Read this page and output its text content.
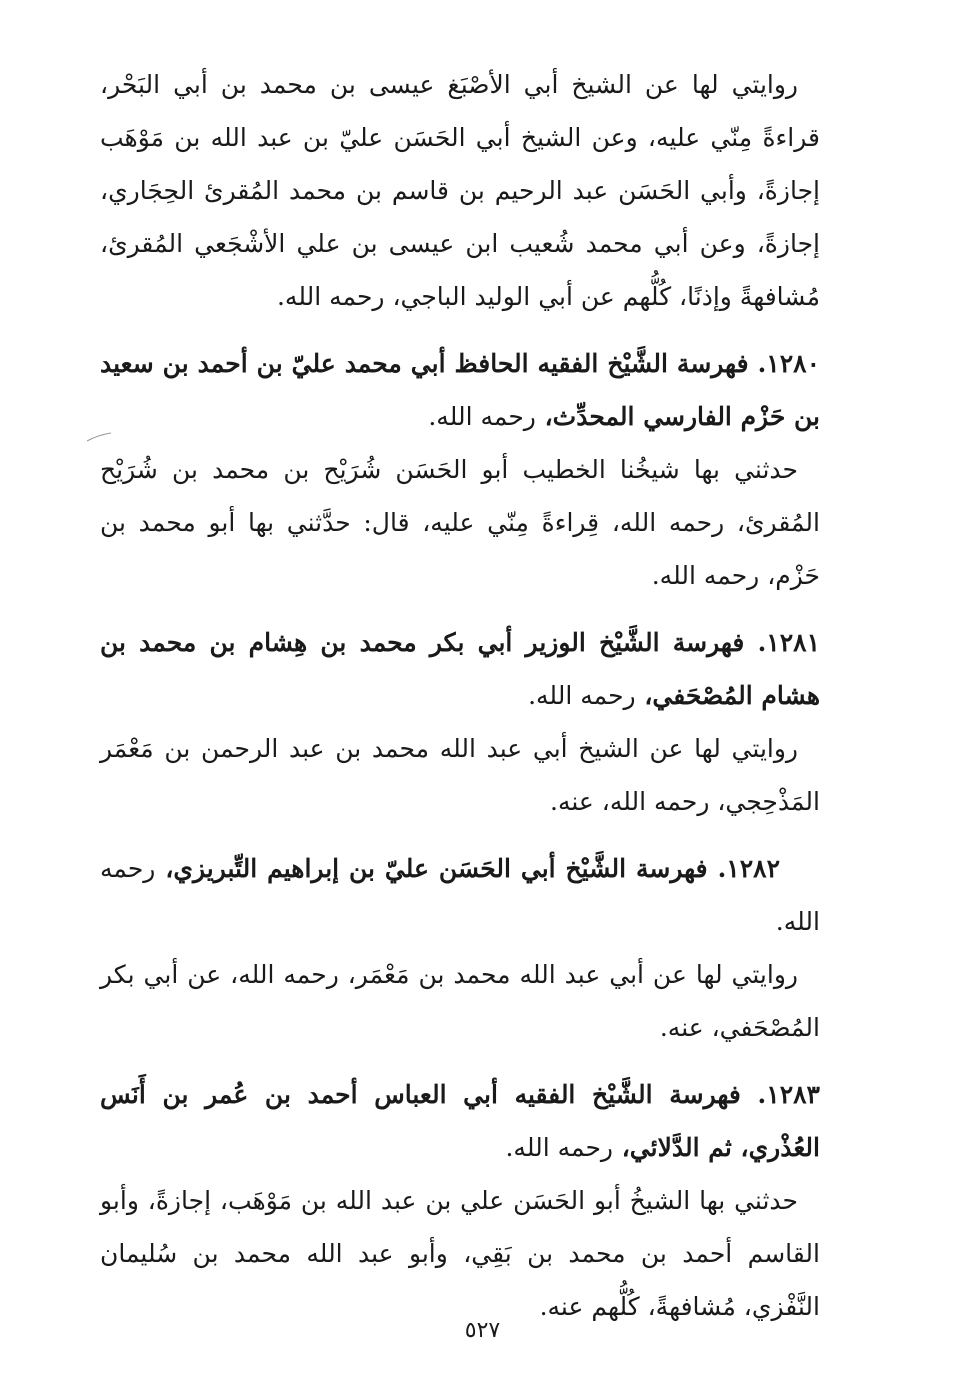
روايتي لها عن الشيخ أبي الأصْبَغ عيسى بن محمد بن أبي البَحْر، قراءةً مِنّي عليه، وعن الشيخ أبي الحَسَن عليّ بن عبد الله بن مَوْهَب إجازةً، وأبي الحَسَن عبد الرحيم بن قاسم بن محمد المُقرئ الحِجَاري، إجازةً، وعن أبي محمد شُعيب ابن عيسى بن علي الأشْجَعي المُقرئ، مُشافهةً وإذنًا، كُلُّهم عن أبي الوليد الباجي، رحمه الله.

١٢٨٠. فهرسة الشَّيْخ الفقيه الحافظ أبي محمد عليّ بن أحمد بن سعيد بن حَزْم الفارسي المحدِّث، رحمه الله.

حدثني بها شيخُنا الخطيب أبو الحَسَن شُرَيْح بن محمد بن شُرَيْح المُقرئ، رحمه الله، قِراءةً مِنّي عليه، قال: حدَّثني بها أبو محمد بن حَزْم، رحمه الله.

١٢٨١. فهرسة الشَّيْخ الوزير أبي بكر محمد بن هِشام بن محمد بن هشام المُصْحَفي، رحمه الله.

روايتي لها عن الشيخ أبي عبد الله محمد بن عبد الرحمن بن مَعْمَر المَذْحِجي، رحمه الله، عنه.

١٢٨٢. فهرسة الشَّيْخ أبي الحَسَن عليّ بن إبراهيم التِّبريزي، رحمه الله.

روايتي لها عن أبي عبد الله محمد بن مَعْمَر، رحمه الله، عن أبي بكر المُصْحَفي، عنه.

١٢٨٣. فهرسة الشَّيْخ الفقيه أبي العباس أحمد بن عُمر بن أَنَس العُذْري، ثم الدَّلائي، رحمه الله.

حدثني بها الشيخُ أبو الحَسَن علي بن عبد الله بن مَوْهَب، إجازةً، وأبو القاسم أحمد بن محمد بن بَقِي، وأبو عبد الله محمد بن سُليمان النَّفْزي، مُشافهةً، كُلُّهم عنه.

٥٢٧
